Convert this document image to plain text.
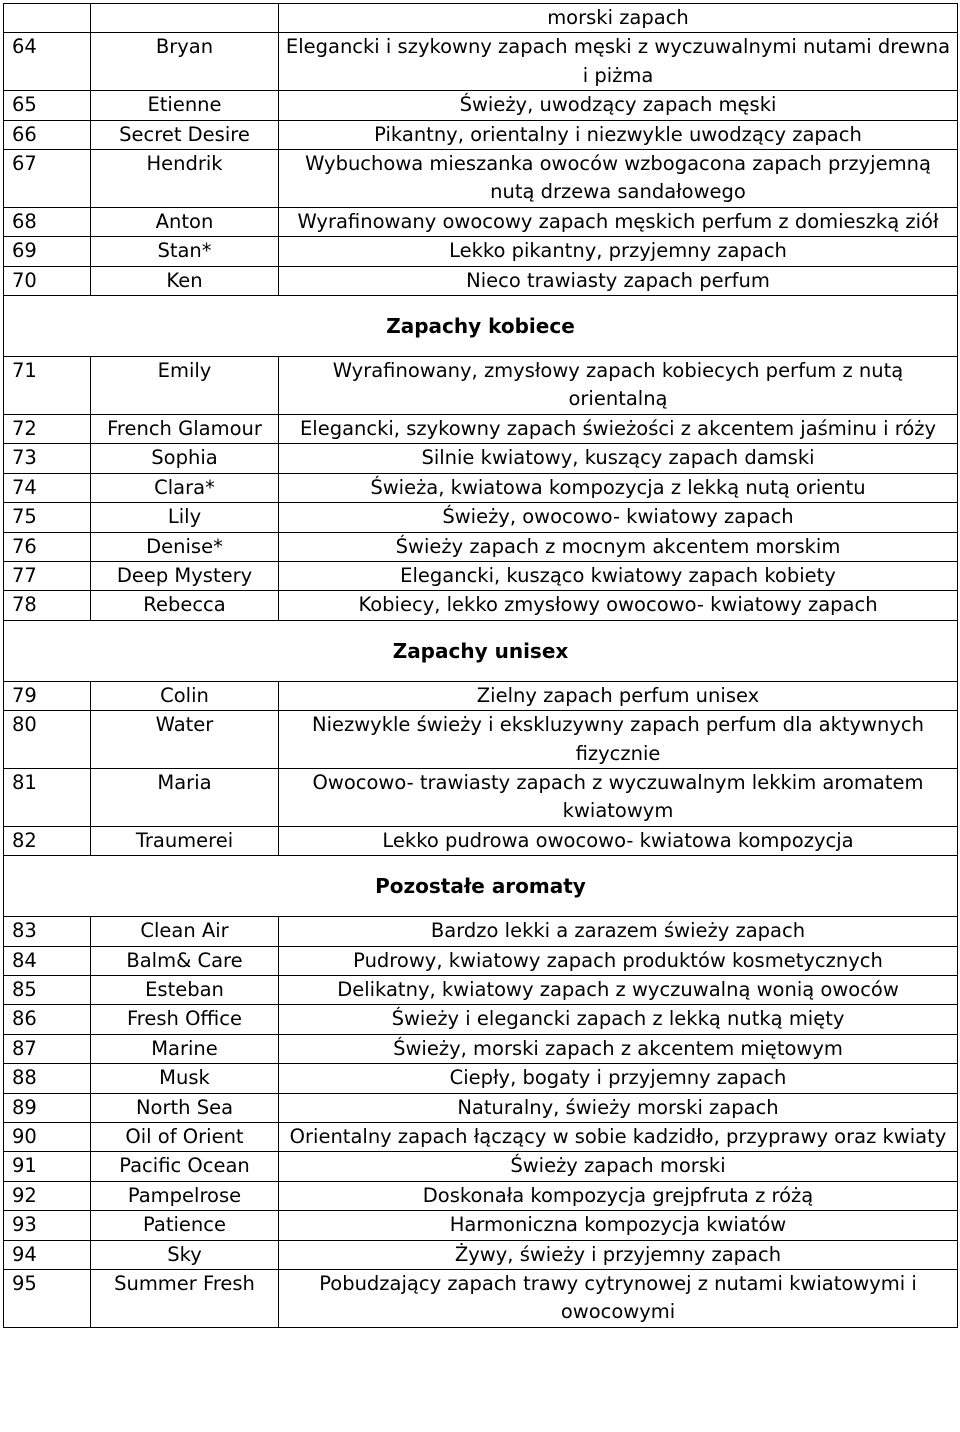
		morski zapach
64	Bryan	Elegancki i szykowny zapach męski z wyczuwalnymi nutami drewna i piżma
65	Etienne	Świeży, uwodzący zapach męski
66	Secret Desire	Pikantny, orientalny i niezwykle uwodzący zapach
67	Hendrik	Wybuchowa mieszanka owoców wzbogacona zapach przyjemną nutą drzewa sandałowego
68	Anton	Wyrafinowany owocowy zapach męskich perfum z domieszką ziół
69	Stan*	Lekko pikantny, przyjemny zapach
70	Ken	Nieco trawiasty zapach perfum
Zapachy kobiece		
71	Emily	Wyrafinowany, zmysłowy zapach kobiecych perfum z nutą orientalną
72	French Glamour	Elegancki, szykowny zapach świeżości z akcentem jaśminu i róży
73	Sophia	Silnie kwiatowy, kuszący zapach damski
74	Clara*	Świeża, kwiatowa kompozycja z lekką nutą orientu
75	Lily	Świeży, owocowo- kwiatowy zapach
76	Denise*	Świeży zapach z mocnym akcentem morskim
77	Deep Mystery	Elegancki, kusząco kwiatowy zapach kobiety
78	Rebecca	Kobiecy, lekko zmysłowy owocowo- kwiatowy zapach
Zapachy unisex		
79	Colin	Zielny zapach perfum unisex
80	Water	Niezwykle świeży i ekskluzywny zapach perfum dla aktywnych fizycznie
81	Maria	Owocowo- trawiasty zapach z wyczuwalnym lekkim aromatem kwiatowym
82	Traumerei	Lekko pudrowa owocowo- kwiatowa kompozycja
Pozostałe aromaty		
83	Clean Air	Bardzo lekki a zarazem świeży zapach
84	Balm& Care	Pudrowy, kwiatowy zapach produktów kosmetycznych
85	Esteban	Delikatny, kwiatowy zapach z wyczuwalną wonią owoców
86	Fresh Office	Świeży i elegancki zapach z lekką nutką mięty
87	Marine	Świeży, morski zapach z akcentem miętowym
88	Musk	Ciepły, bogaty i przyjemny zapach
89	North Sea	Naturalny, świeży morski zapach
90	Oil of Orient	Orientalny zapach łączący w sobie kadzidło, przyprawy oraz kwiaty
91	Pacific Ocean	Świeży zapach morski
92	Pampelrose	Doskonała kompozycja grejpfruta z różą
93	Patience	Harmoniczna kompozycja kwiatów
94	Sky	Żywy, świeży i przyjemny zapach
95	Summer Fresh	Pobudzający zapach trawy cytrynowej z nutami kwiatowymi i owocowymi
